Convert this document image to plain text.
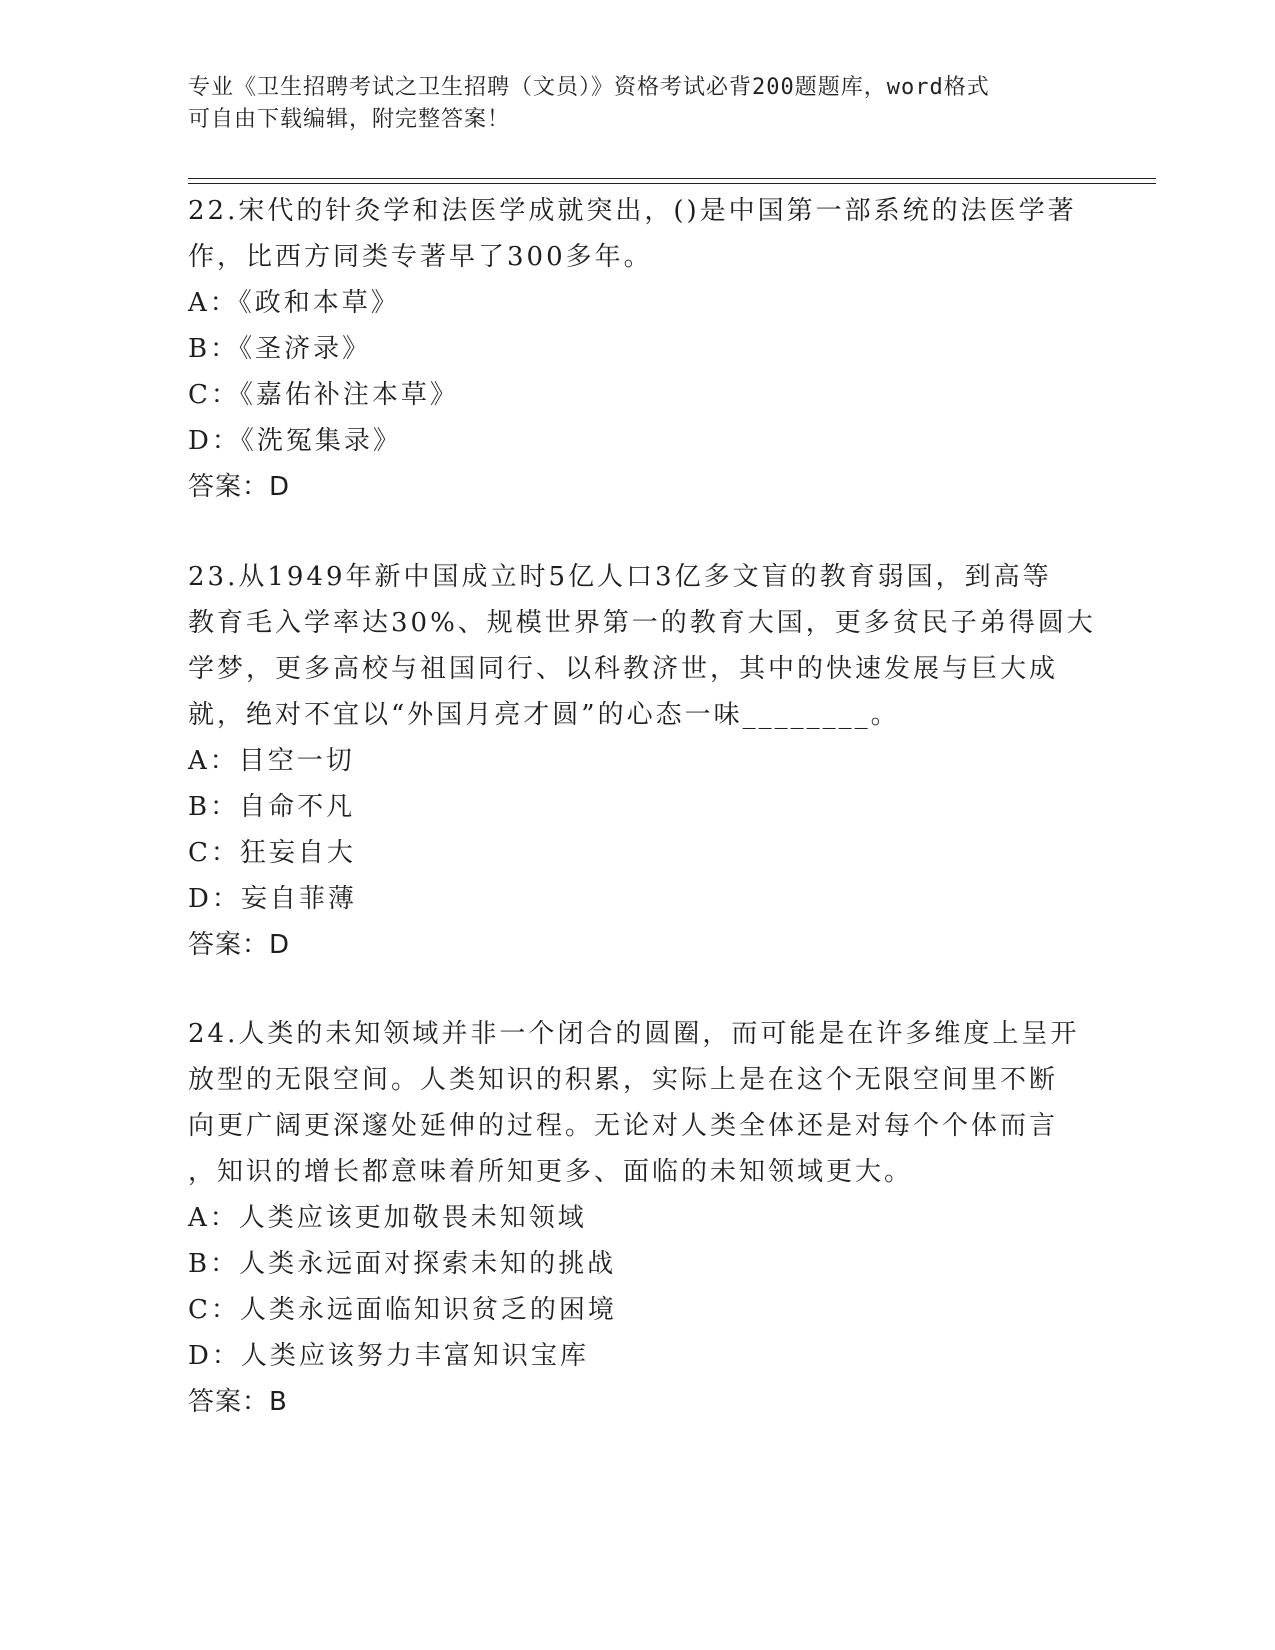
专业《卫生招聘考试之卫生招聘（文员）》资格考试必背200题题库，word格式
可自由下载编辑，附完整答案！
22.宋代的针灸学和法医学成就突出，()是中国第一部系统的法医学著
作，比西方同类专著早了300多年。
A：《政和本草》
B：《圣济录》
C：《嘉佑补注本草》
D：《洗冤集录》
答案：D
23.从1949年新中国成立时5亿人口3亿多文盲的教育弱国，到高等
教育毛入学率达30%、规模世界第一的教育大国，更多贫民子弟得圆大
学梦，更多高校与祖国同行、以科教济世，其中的快速发展与巨大成
就，绝对不宜以“外国月亮才圆”的心态一味________。
A：目空一切
B：自命不凡
C：狂妄自大
D：妄自菲薄
答案：D
24.人类的未知领域并非一个闭合的圆圈，而可能是在许多维度上呈开
放型的无限空间。人类知识的积累，实际上是在这个无限空间里不断
向更广阔更深邃处延伸的过程。无论对人类全体还是对每个个体而言
，知识的增长都意味着所知更多、面临的未知领域更大。
A：人类应该更加敬畏未知领域
B：人类永远面对探索未知的挑战
C：人类永远面临知识贫乏的困境
D：人类应该努力丰富知识宝库
答案：B
